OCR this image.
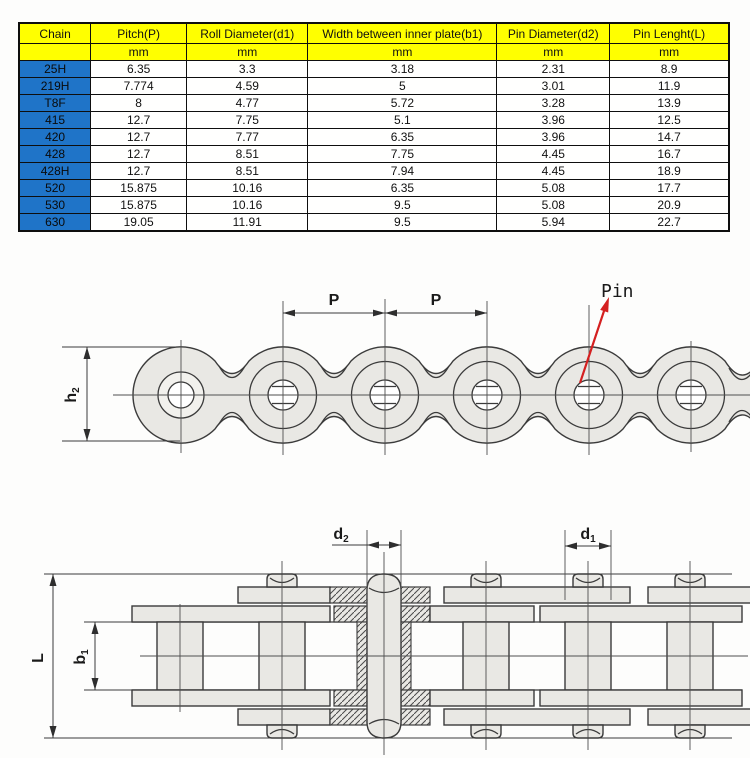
Chain	Pitch(P)	Roll Diameter(d1)	Width between inner plate(b1)	Pin Diameter(d2)	Pin Lenght(L)
	mm	mm	mm	mm	mm
25H	6.35	3.3	3.18	2.31	8.9
219H	7.774	4.59	5	3.01	11.9
T8F	8	4.77	5.72	3.28	13.9
415	12.7	7.75	5.1	3.96	12.5
420	12.7	7.77	6.35	3.96	14.7
428	12.7	8.51	7.75	4.45	16.7
428H	12.7	8.51	7.94	4.45	18.9
520	15.875	10.16	6.35	5.08	17.7
530	15.875	10.16	9.5	5.08	20.9
630	19.05	11.91	9.5	5.94	22.7
P	P
h2
Pin
L b1
d2	d1
